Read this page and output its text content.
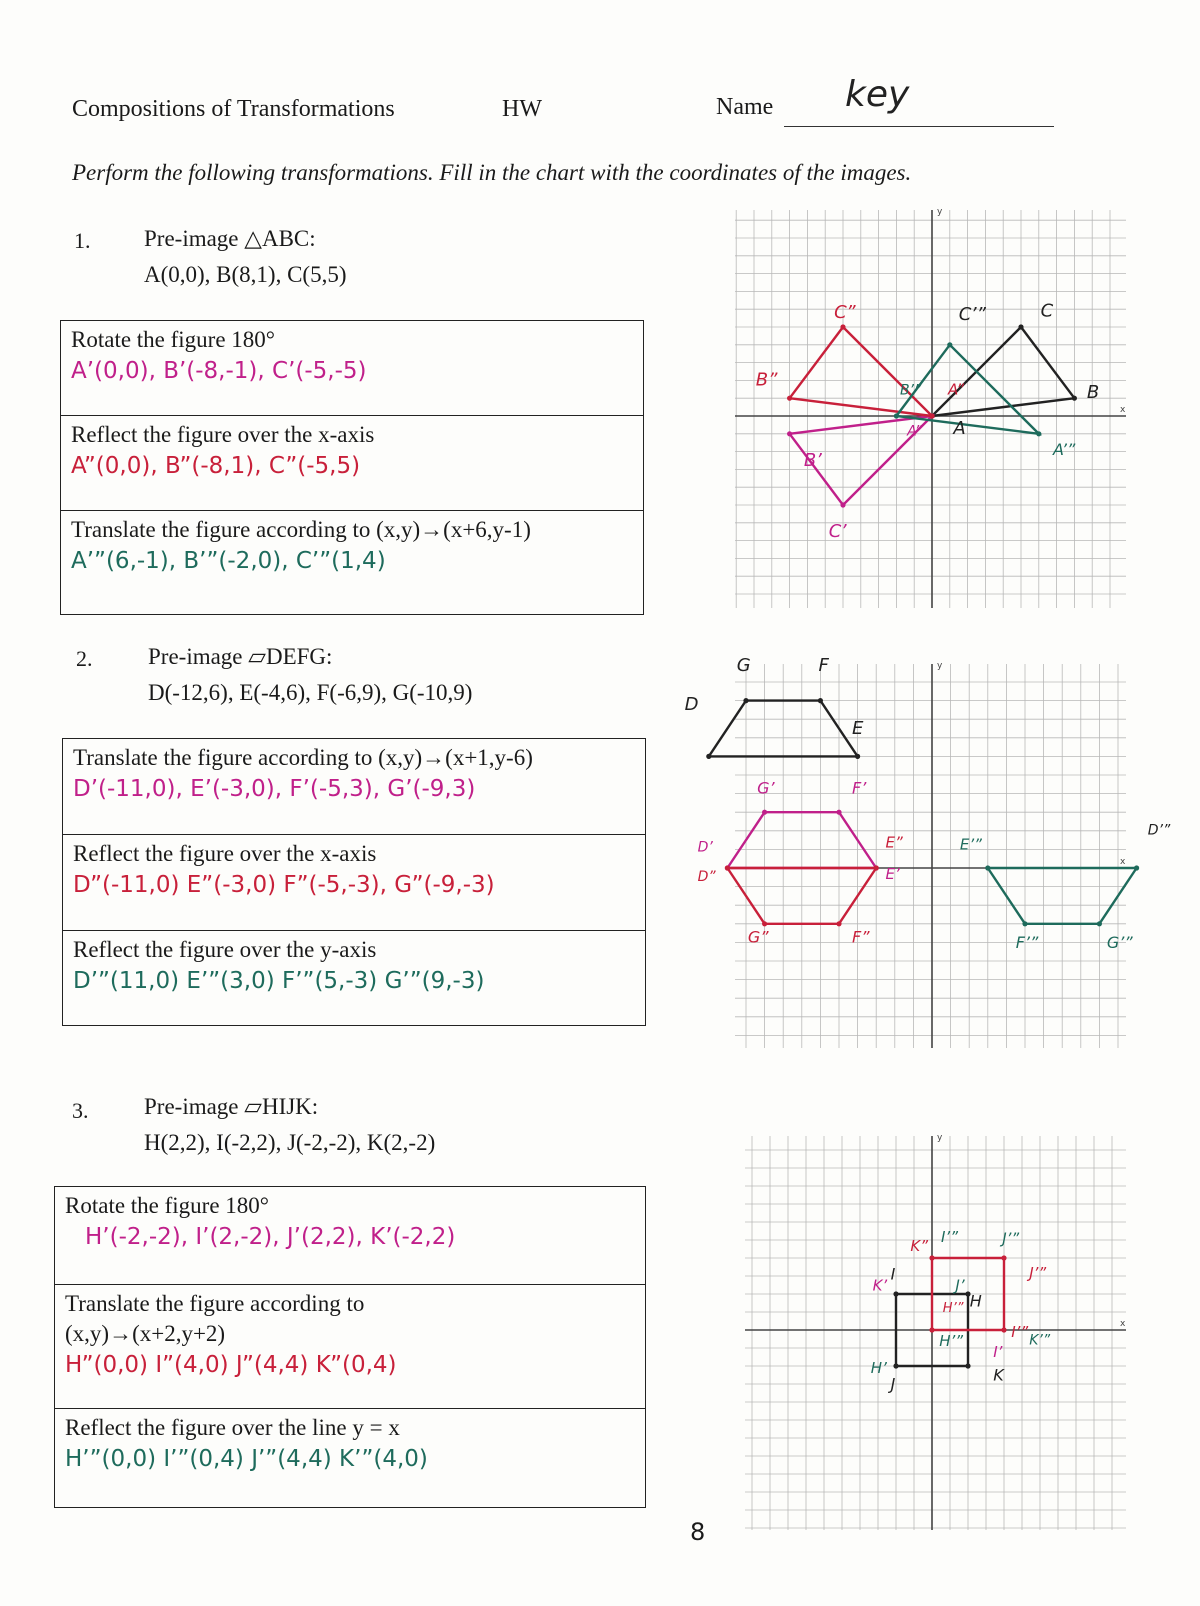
Compositions of Transformations	HW	Name key
Perform the following transformations. Fill in the chart with the coordinates of the images.
1. Pre-image △ABC:
A(0,0), B(8,1), C(5,5)
Rotate the figure 180°
A’(0,0), B’(-8,-1), C’(-5,-5)
Reflect the figure over the x-axis
A”(0,0), B”(-8,1), C”(-5,5)
Translate the figure according to (x,y)→(x+6,y-1)
A’”(6,-1), B’”(-2,0), C’”(1,4)
2. Pre-image ▱DEFG:
D(-12,6), E(-4,6), F(-6,9), G(-10,9)
Translate the figure according to (x,y)→(x+1,y-6)
D’(-11,0), E’(-3,0), F’(-5,3), G’(-9,3)
Reflect the figure over the x-axis
D”(-11,0) E”(-3,0) F”(-5,-3), G”(-9,-3)
Reflect the figure over the y-axis
D’”(11,0) E’”(3,0) F’”(5,-3) G’”(9,-3)
3. Pre-image ▱HIJK:
H(2,2), I(-2,2), J(-2,-2), K(2,-2)
Rotate the figure 180°
H’(-2,-2), I’(2,-2), J’(2,2), K’(-2,2)
Translate the figure according to
(x,y)→(x+2,y+2)
H”(0,0) I”(4,0) J”(4,4) K”(0,4)
Reflect the figure over the line y = x
H’”(0,0) I’”(0,4) J’”(4,4) K’”(4,0)
8
x
y
x
y
x
y
C”	C’”	C
B”
B
A
A’”
B’
C’
A”
A”
B’”
G	F
D
E
G’	F’
D’
D”
E”
E’
E’”
D’”
G”	F”	F’”	G’”
K” I’”	J’”
K’
I
J’
H
J’”
H’”
H’”
I’
I’” K’”
K
H’
J
